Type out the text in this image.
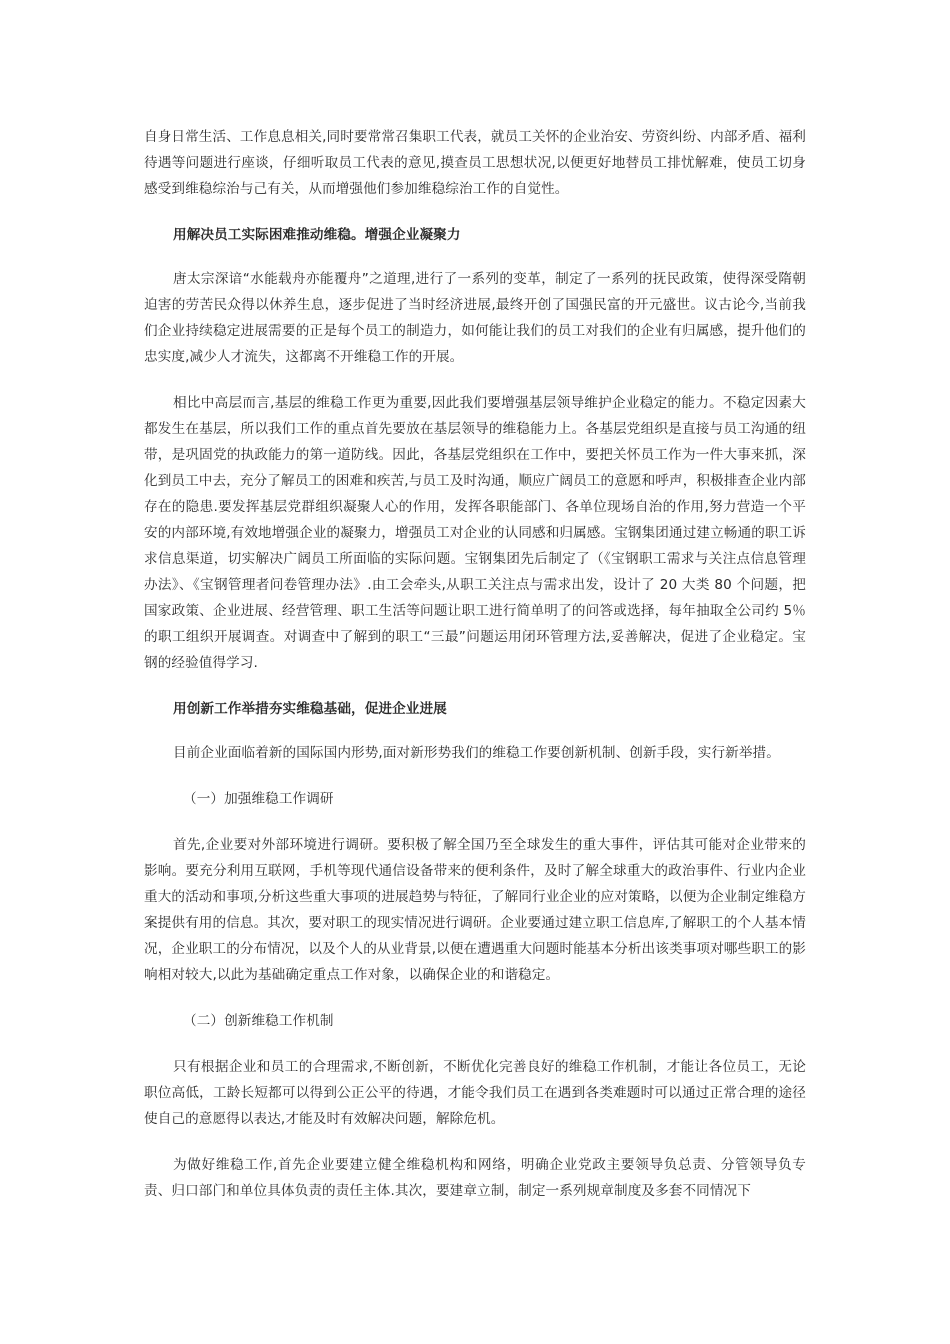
自身日常生活、工作息息相关,同时要常常召集职工代表，就员工关怀的企业治安、劳资纠纷、内部矛盾、福利待遇等问题进行座谈，仔细听取员工代表的意见,摸查员工思想状况,以便更好地替员工排忧解难，使员工切身感受到维稳综治与己有关，从而增强他们参加维稳综治工作的自觉性。

用解决员工实际困难推动维稳。增强企业凝聚力

唐太宗深谙“水能载舟亦能覆舟”之道理,进行了一系列的变革，制定了一系列的抚民政策，使得深受隋朝迫害的劳苦民众得以休养生息，逐步促进了当时经济进展,最终开创了国强民富的开元盛世。议古论今,当前我们企业持续稳定进展需要的正是每个员工的制造力，如何能让我们的员工对我们的企业有归属感，提升他们的忠实度,减少人才流失，这都离不开维稳工作的开展。

相比中高层而言,基层的维稳工作更为重要,因此我们要增强基层领导维护企业稳定的能力。不稳定因素大都发生在基层，所以我们工作的重点首先要放在基层领导的维稳能力上。各基层党组织是直接与员工沟通的纽带，是巩固党的执政能力的第一道防线。因此，各基层党组织在工作中，要把关怀员工作为一件大事来抓，深化到员工中去，充分了解员工的困难和疾苦,与员工及时沟通，顺应广阔员工的意愿和呼声，积极排查企业内部存在的隐患.要发挥基层党群组织凝聚人心的作用，发挥各职能部门、各单位现场自治的作用,努力营造一个平安的内部环境,有效地增强企业的凝聚力，增强员工对企业的认同感和归属感。宝钢集团通过建立畅通的职工诉求信息渠道，切实解决广阔员工所面临的实际问题。宝钢集团先后制定了（《宝钢职工需求与关注点信息管理办法》、《宝钢管理者问卷管理办法》.由工会牵头,从职工关注点与需求出发，设计了 20 大类 80 个问题，把国家政策、企业进展、经营管理、职工生活等问题让职工进行简单明了的问答或选择，每年抽取全公司约 5％的职工组织开展调查。对调查中了解到的职工“三最”问题运用闭环管理方法,妥善解决，促进了企业稳定。宝钢的经验值得学习.

用创新工作举措夯实维稳基础，促进企业进展

目前企业面临着新的国际国内形势,面对新形势我们的维稳工作要创新机制、创新手段，实行新举措。

（一）加强维稳工作调研

首先,企业要对外部环境进行调研。要积极了解全国乃至全球发生的重大事件，评估其可能对企业带来的影响。要充分利用互联网，手机等现代通信设备带来的便利条件，及时了解全球重大的政治事件、行业内企业重大的活动和事项,分析这些重大事项的进展趋势与特征，了解同行业企业的应对策略，以便为企业制定维稳方案提供有用的信息。其次，要对职工的现实情况进行调研。企业要通过建立职工信息库,了解职工的个人基本情况，企业职工的分布情况，以及个人的从业背景,以便在遭遇重大问题时能基本分析出该类事项对哪些职工的影响相对较大,以此为基础确定重点工作对象，以确保企业的和谐稳定。

（二）创新维稳工作机制

只有根据企业和员工的合理需求,不断创新，不断优化完善良好的维稳工作机制，才能让各位员工，无论职位高低，工龄长短都可以得到公正公平的待遇，才能令我们员工在遇到各类难题时可以通过正常合理的途径使自己的意愿得以表达,才能及时有效解决问题，解除危机。

为做好维稳工作,首先企业要建立健全维稳机构和网络，明确企业党政主要领导负总责、分管领导负专责、归口部门和单位具体负责的责任主体.其次，要建章立制，制定一系列规章制度及多套不同情况下
